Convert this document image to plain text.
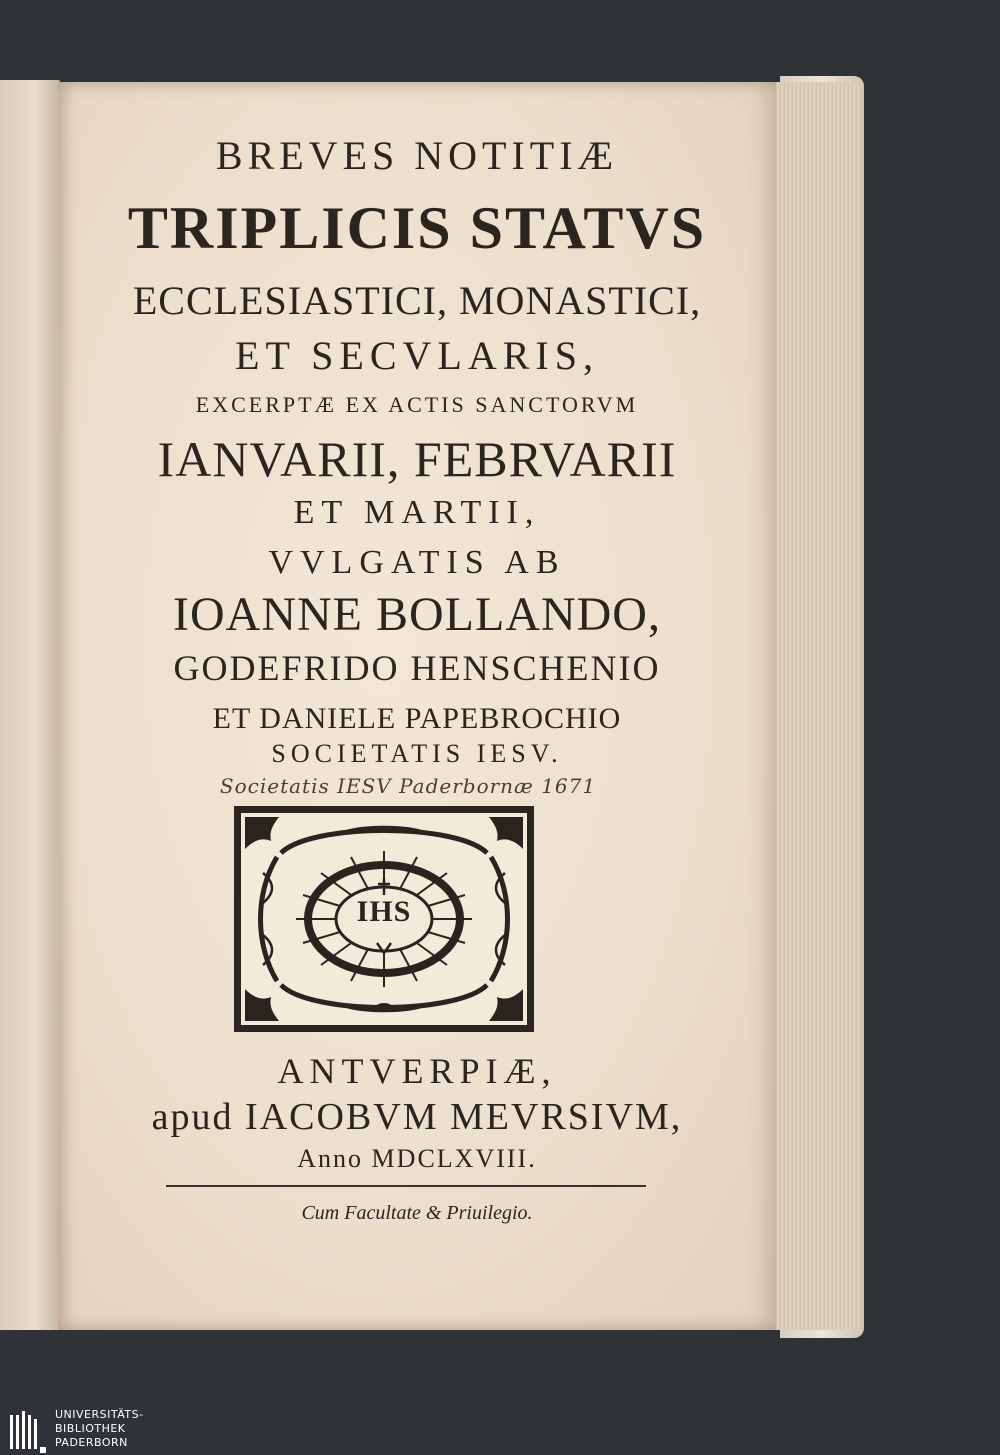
BREVES NOTITIÆ
TRIPLICIS STATVS
ECCLESIASTICI, MONASTICI,
ET SECVLARIS,
EXCERPTÆ EX ACTIS SANCTORVM
IANVARII, FEBRVARII
ET MARTII,
VVLGATIS AB
IOANNE BOLLANDO,
GODEFRIDO HENSCHENIO
ET DANIELE PAPEBROCHIO
SOCIETATIS IESV.
Societatis IESV Paderbornæ 1671
IHS
ANTVERPIÆ,
apud IACOBVM MEVRSIVM,
Anno MDCLXVIII.
Cum Facultate & Priuilegio.
UNIVERSITÄTS-
BIBLIOTHEK
PADERBORN
